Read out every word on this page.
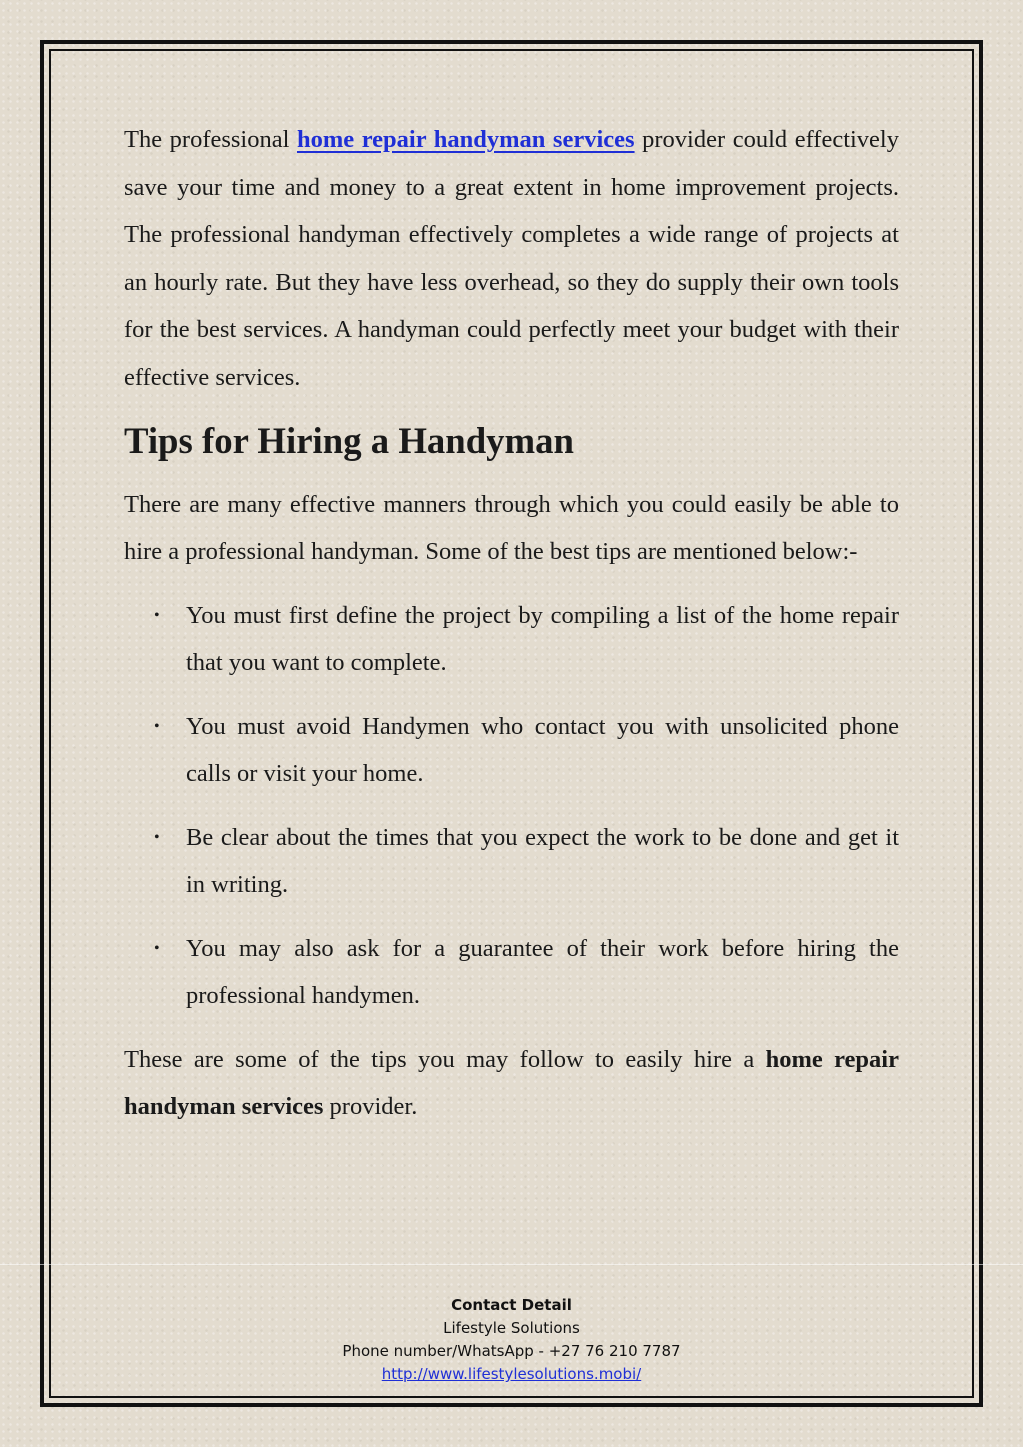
The professional home repair handyman services provider could effectively save your time and money to a great extent in home improvement projects. The professional handyman effectively completes a wide range of projects at an hourly rate. But they have less overhead, so they do supply their own tools for the best services. A handyman could perfectly meet your budget with their effective services.

Tips for Hiring a Handyman

There are many effective manners through which you could easily be able to hire a professional handyman. Some of the best tips are mentioned below:-

• You must first define the project by compiling a list of the home repair that you want to complete.
• You must avoid Handymen who contact you with unsolicited phone calls or visit your home.
• Be clear about the times that you expect the work to be done and get it in writing.
• You may also ask for a guarantee of their work before hiring the professional handymen.

These are some of the tips you may follow to easily hire a home repair handyman services provider.

Contact Detail
Lifestyle Solutions
Phone number/WhatsApp - +27 76 210 7787
http://www.lifestylesolutions.mobi/
